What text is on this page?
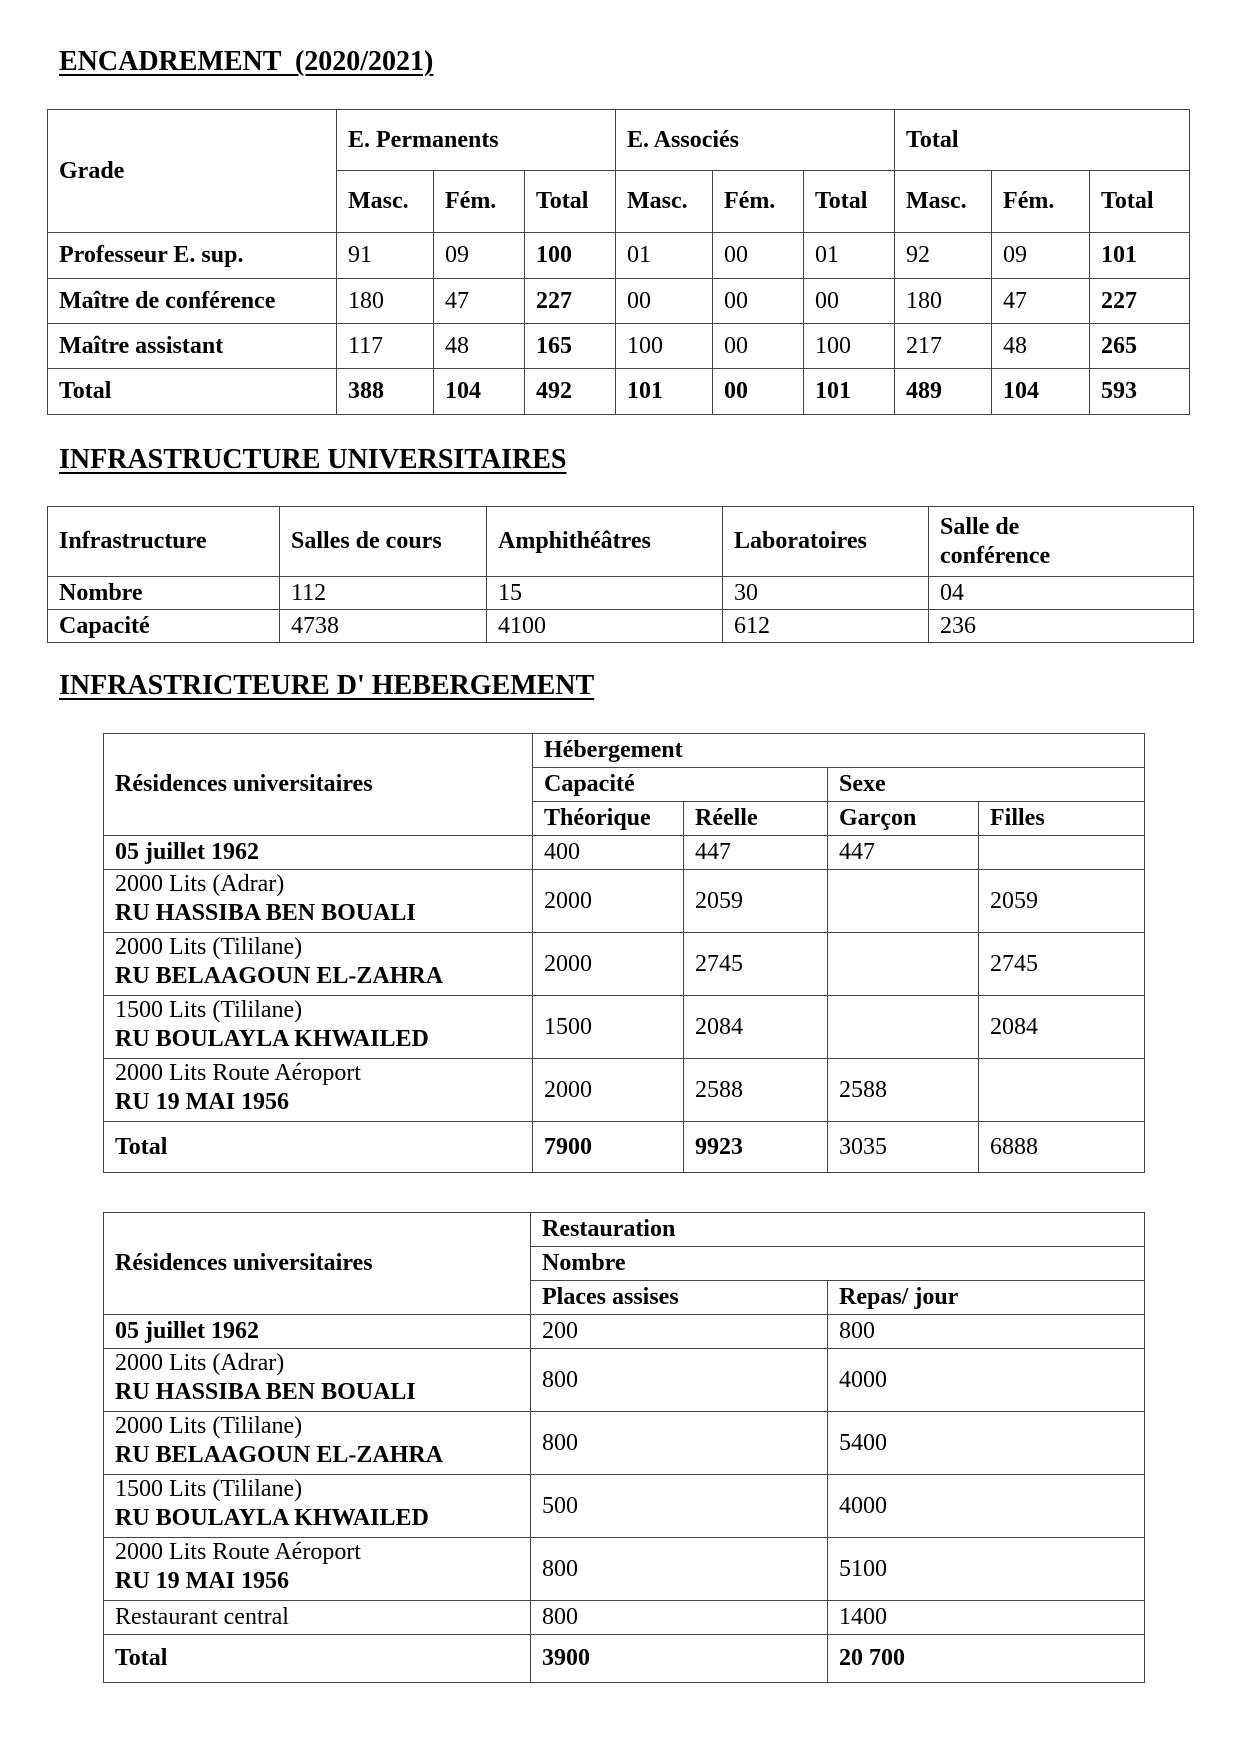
ENCADREMENT  (2020/2021)
Grade	E. Permanents			E. Associés			Total		
	Masc.	Fém.	Total	Masc.	Fém.	Total	Masc.	Fém.	Total
Professeur E. sup.	91	09	100	01	00	01	92	09	101
Maître de conférence	180	47	227	00	00	00	180	47	227
Maître assistant	117	48	165	100	00	100	217	48	265
Total	388	104	492	101	00	101	489	104	593
INFRASTRUCTURE UNIVERSITAIRES
Infrastructure	Salles de cours	Amphithéâtres	Laboratoires	Salle de
conférence

Nombre	112	15	30	04
Capacité	4738	4100	612	236
INFRASTRICTEURE D' HEBERGEMENT
Résidences universitaires	Hébergement			
	Capacité		Sexe	
	Théorique	Réelle	Garçon	Filles
05 juillet 1962	400	447	447	

2000 Lits (Adrar)
RU HASSIBA BEN BOUALI	2000	2059		2059

2000 Lits (Tililane)
RU BELAAGOUN EL-ZAHRA	2000	2745		2745

1500 Lits (Tililane)
RU BOULAYLA KHWAILED	1500	2084		2084

2000 Lits Route Aéroport
RU 19 MAI 1956	2000	2588	2588	
Total	7900	9923	3035	6888
Résidences universitaires	Restauration	
	Nombre	
	Places assises	Repas/ jour
05 juillet 1962	200	800

2000 Lits (Adrar)
RU HASSIBA BEN BOUALI	800	4000

2000 Lits (Tililane)
RU BELAAGOUN EL-ZAHRA	800	5400

1500 Lits (Tililane)
RU BOULAYLA KHWAILED	500	4000

2000 Lits Route Aéroport
RU 19 MAI 1956	800	5100
Restaurant central	800	1400
Total	3900	20 700
